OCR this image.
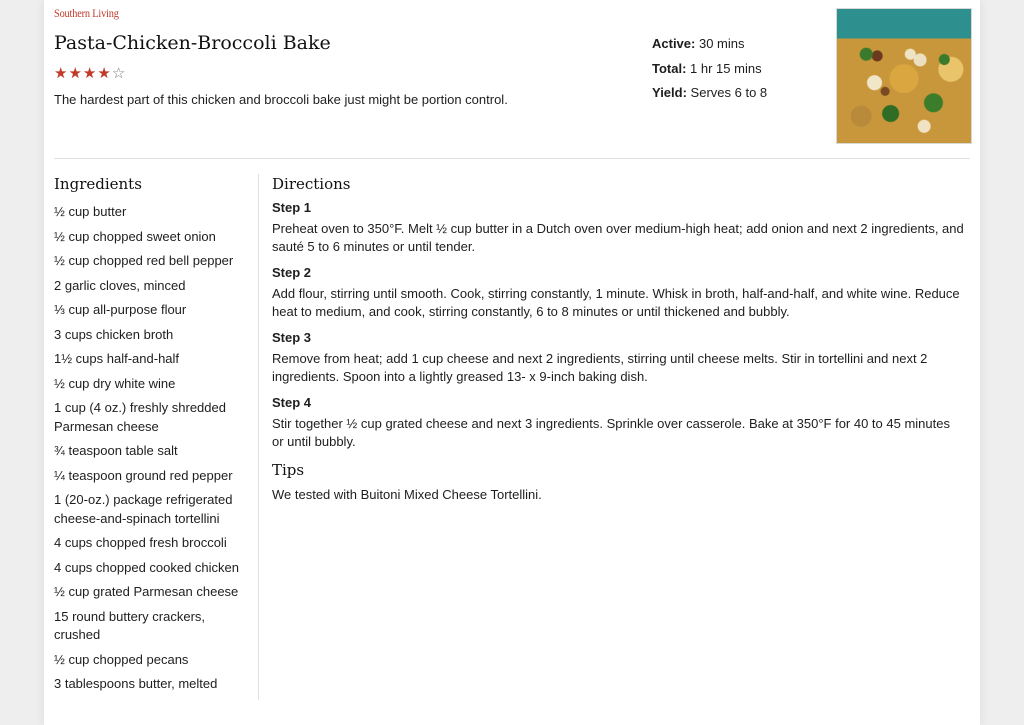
Southern Living
Pasta-Chicken-Broccoli Bake
★★★★☆
The hardest part of this chicken and broccoli bake just might be portion control.
Active: 30 mins
Total: 1 hr 15 mins
Yield: Serves 6 to 8
Ingredients
½ cup butter
½ cup chopped sweet onion
½ cup chopped red bell pepper
2 garlic cloves, minced
⅓ cup all-purpose flour
3 cups chicken broth
1½ cups half-and-half
½ cup dry white wine
1 cup (4 oz.) freshly shredded Parmesan cheese
¾ teaspoon table salt
¼ teaspoon ground red pepper
1 (20-oz.) package refrigerated cheese-and-spinach tortellini
4 cups chopped fresh broccoli
4 cups chopped cooked chicken
½ cup grated Parmesan cheese
15 round buttery crackers, crushed
½ cup chopped pecans
3 tablespoons butter, melted
Directions
Step 1

Preheat oven to 350°F. Melt ½ cup butter in a Dutch oven over medium-high heat; add onion and next 2 ingredients, and sauté 5 to 6 minutes or until tender.

Step 2

Add flour, stirring until smooth. Cook, stirring constantly, 1 minute. Whisk in broth, half-and-half, and white wine. Reduce heat to medium, and cook, stirring constantly, 6 to 8 minutes or until thickened and bubbly.

Step 3

Remove from heat; add 1 cup cheese and next 2 ingredients, stirring until cheese melts. Stir in tortellini and next 2 ingredients. Spoon into a lightly greased 13- x 9-inch baking dish.

Step 4

Stir together ½ cup grated cheese and next 3 ingredients. Sprinkle over casserole. Bake at 350°F for 40 to 45 minutes or until bubbly.

Tips

We tested with Buitoni Mixed Cheese Tortellini.
